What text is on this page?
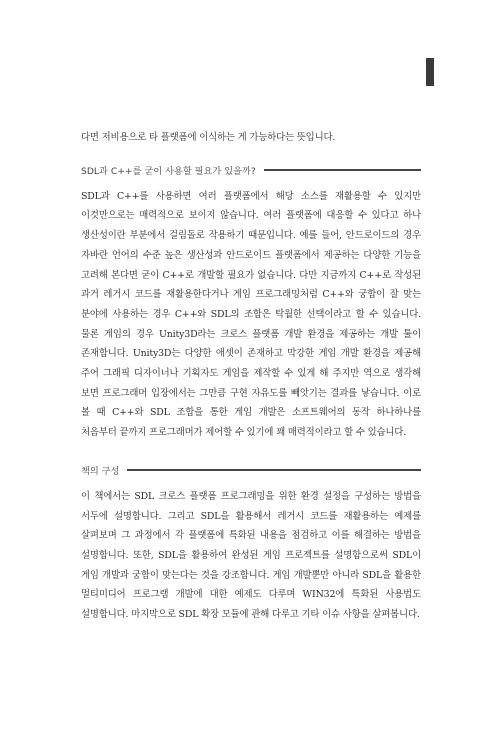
다면 저비용으로 타 플랫폼에 이식하는 게 가능하다는 뜻입니다.

SDL과 C++를 굳이 사용할 필요가 있을까?

SDL과 C++를 사용하면 여러 플랫폼에서 해당 소스를 재활용할 수 있지만 이것만으로는 매력적으로 보이지 않습니다. 여러 플랫폼에 대응할 수 있다고 하나 생산성이란 부분에서 걸림돌로 작용하기 때문입니다. 예를 들어, 안드로이드의 경우 자바란 언어의 수준 높은 생산성과 안드로이드 플랫폼에서 제공하는 다양한 기능을 고려해 본다면 굳이 C++로 개발할 필요가 없습니다. 다만 지금까지 C++로 작성된 과거 레거시 코드를 재활용한다거나 게임 프로그래밍처럼 C++와 궁합이 잘 맞는 분야에 사용하는 경우 C++와 SDL의 조합은 탁월한 선택이라고 할 수 있습니다. 물론 게임의 경우 Unity3D라는 크로스 플랫폼 개발 환경을 제공하는 개발 툴이 존재합니다. Unity3D는 다양한 애셋이 존재하고 막강한 게임 개발 환경을 제공해 주어 그래픽 디자이너나 기획자도 게임을 제작할 수 있게 해 주지만 역으로 생각해 보면 프로그래머 입장에서는 그만큼 구현 자유도를 빼앗기는 결과를 낳습니다. 이로 볼 때 C++와 SDL 조합을 통한 게임 개발은 소프트웨어의 동작 하나하나를 처음부터 끝까지 프로그래머가 제어할 수 있기에 꽤 매력적이라고 할 수 있습니다.

책의 구성

이 책에서는 SDL 크로스 플랫폼 프로그래밍을 위한 환경 설정을 구성하는 방법을 서두에 설명합니다. 그리고 SDL을 활용해서 레거시 코드를 재활용하는 예제를 살펴보며 그 과정에서 각 플랫폼에 특화된 내용을 점검하고 이를 해결하는 방법을 설명합니다. 또한, SDL을 활용하여 완성된 게임 프로젝트를 설명함으로써 SDL이 게임 개발과 궁합이 맞는다는 것을 강조합니다. 게임 개발뿐만 아니라 SDL을 활용한 멀티미디어 프로그램 개발에 대한 예제도 다루며 WIN32에 특화된 사용법도 설명합니다. 마지막으로 SDL 확장 모듈에 관해 다루고 기타 이슈 사항을 살펴봅니다.
